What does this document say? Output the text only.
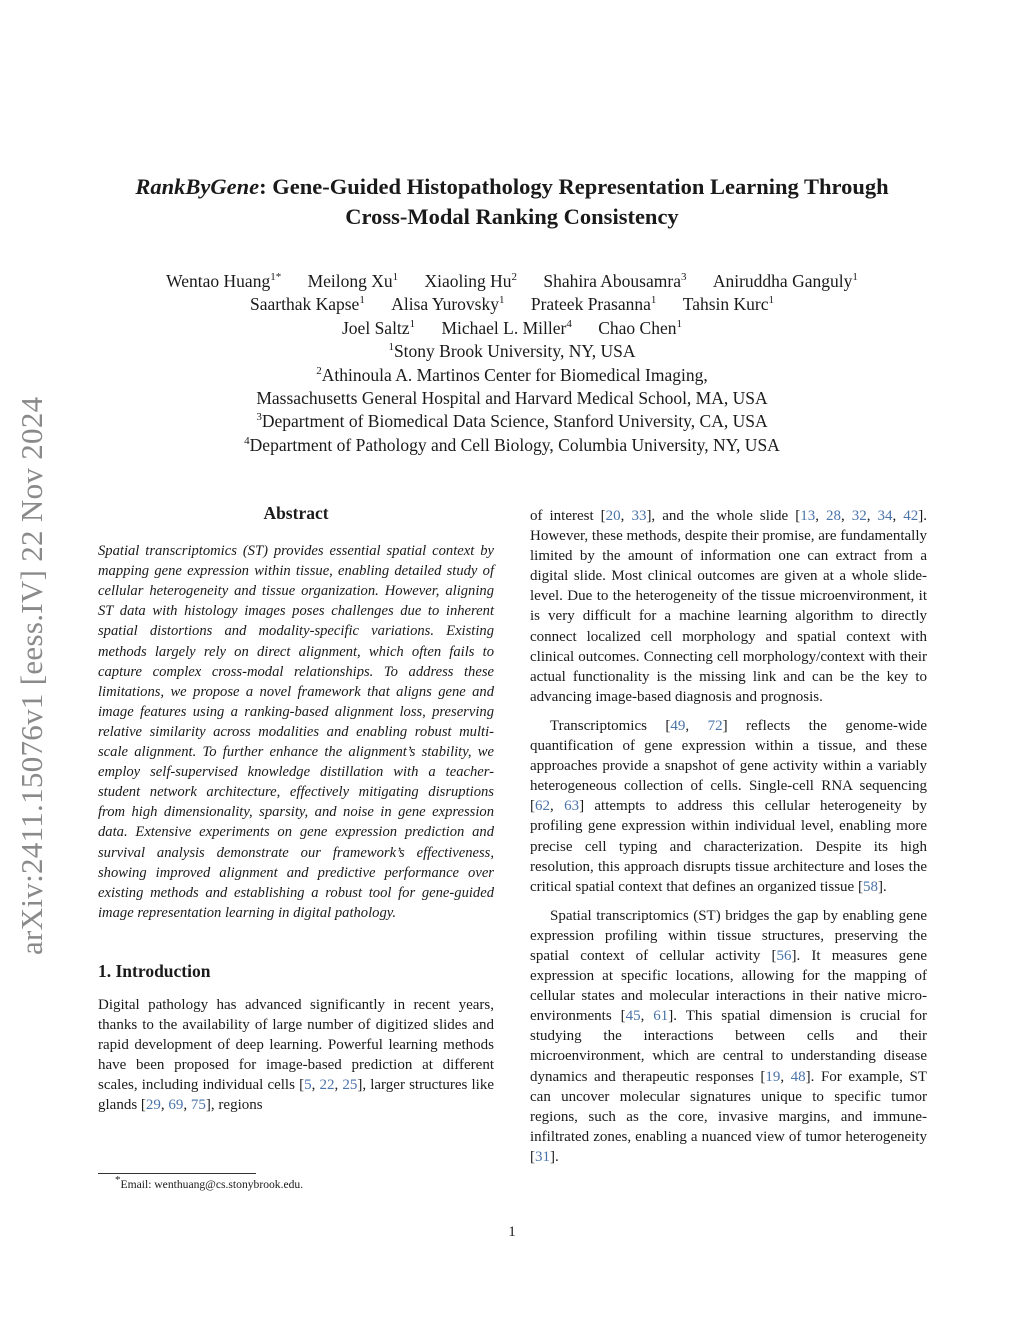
arXiv:2411.15076v1 [eess.IV] 22 Nov 2024
RankByGene: Gene-Guided Histopathology Representation Learning Through
Cross-Modal Ranking Consistency
Wentao Huang$^{1*}$ Meilong Xu$^1$ Xiaoling Hu$^2$ Shahira Abousamra$^3$ Aniruddha Ganguly$^1$
Saarthak Kapse$^1$ Alisa Yurovsky$^1$ Prateek Prasanna$^1$ Tahsin Kurc$^1$
Joel Saltz$^1$ Michael L. Miller$^4$ Chao Chen$^1$
$^1$Stony Brook University, NY, USA
$^2$Athinoula A. Martinos Center for Biomedical Imaging,
Massachusetts General Hospital and Harvard Medical School, MA, USA
$^3$Department of Biomedical Data Science, Stanford University, CA, USA
$^4$Department of Pathology and Cell Biology, Columbia University, NY, USA
Abstract

Spatial transcriptomics (ST) provides essential spatial context by mapping gene expression within tissue, enabling detailed study of cellular heterogeneity and tissue organization. However, aligning ST data with histology images poses challenges due to inherent spatial distortions and modality-specific variations. Existing methods largely rely on direct alignment, which often fails to capture complex cross-modal relationships. To address these limitations, we propose a novel framework that aligns gene and image features using a ranking-based alignment loss, preserving relative similarity across modalities and enabling robust multi-scale alignment. To further enhance the alignment’s stability, we employ self-supervised knowledge distillation with a teacher-student network architecture, effectively mitigating disruptions from high dimensionality, sparsity, and noise in gene expression data. Extensive experiments on gene expression prediction and survival analysis demonstrate our framework’s effectiveness, showing improved alignment and predictive performance over existing methods and establishing a robust tool for gene-guided image representation learning in digital pathology.

1. Introduction

Digital pathology has advanced significantly in recent years, thanks to the availability of large number of digitized slides and rapid development of deep learning. Powerful learning methods have been proposed for image-based prediction at different scales, including individual cells [5, 22, 25], larger structures like glands [29, 69, 75], regions

*Email: wenthuang@cs.stonybrook.edu.

of interest [20, 33], and the whole slide [13, 28, 32, 34, 42]. However, these methods, despite their promise, are fundamentally limited by the amount of information one can extract from a digital slide. Most clinical outcomes are given at a whole slide-level. Due to the heterogeneity of the tissue microenvironment, it is very difficult for a machine learning algorithm to directly connect localized cell morphology and spatial context with clinical outcomes. Connecting cell morphology/context with their actual functionality is the missing link and can be the key to advancing image-based diagnosis and prognosis.

Transcriptomics [49, 72] reflects the genome-wide quantification of gene expression within a tissue, and these approaches provide a snapshot of gene activity within a variably heterogeneous collection of cells. Single-cell RNA sequencing [62, 63] attempts to address this cellular heterogeneity by profiling gene expression within individual level, enabling more precise cell typing and characterization. Despite its high resolution, this approach disrupts tissue architecture and loses the critical spatial context that defines an organized tissue [58].

Spatial transcriptomics (ST) bridges the gap by enabling gene expression profiling within tissue structures, preserving the spatial context of cellular activity [56]. It measures gene expression at specific locations, allowing for the mapping of cellular states and molecular interactions in their native micro-environments [45, 61]. This spatial dimension is crucial for studying the interactions between cells and their microenvironment, which are central to understanding disease dynamics and therapeutic responses [19, 48]. For example, ST can uncover molecular signatures unique to specific tumor regions, such as the core, invasive margins, and immune-infiltrated zones, enabling a nuanced view of tumor heterogeneity [31].

1
